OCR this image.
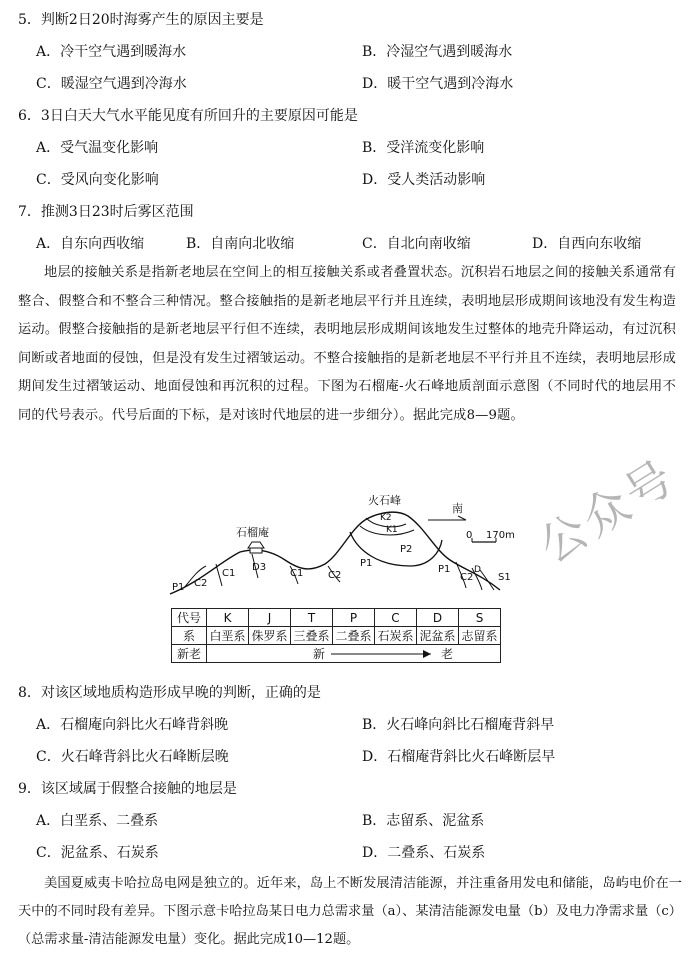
5．判断2日20时海雾产生的原因主要是
A．冷干空气遇到暖海水	B．冷湿空气遇到暖海水
C．暖湿空气遇到冷海水	D．暖干空气遇到冷海水
6．3日白天大气水平能见度有所回升的主要原因可能是
A．受气温变化影响	B．受洋流变化影响
C．受风向变化影响	D．受人类活动影响
7．推测3日23时后雾区范围
A．自东向西收缩	B．自南向北收缩	C．自北向南收缩	D．自西向东收缩
地层的接触关系是指新老地层在空间上的相互接触关系或者叠置状态。沉积岩石地层之间的接触关系通常有整合、假整合和不整合三种情况。整合接触指的是新老地层平行并且连续，表明地层形成期间该地没有发生构造运动。假整合接触指的是新老地层平行但不连续，表明地层形成期间该地发生过整体的地壳升降运动，有过沉积间断或者地面的侵蚀，但是没有发生过褶皱运动。不整合接触指的是新老地层不平行并且不连续，表明地层形成期间发生过褶皱运动、地面侵蚀和再沉积的过程。下图为石榴庵-火石峰地质剖面示意图（不同时代的地层用不同的代号表示。代号后面的下标，是对该时代地层的进一步细分）。据此完成8—9题。
火石峰
石榴庵
南
0 170m
P1 C2
C1
D3
C1 C2
P1
P2
K2
K1
P1
C2
D
S1
代号	K	J	T	P	C	D	S
系	白垩系	侏罗系	三叠系	二叠系	石炭系	泥盆系	志留系
新老	新 老						
公众号
8．对该区域地质构造形成早晚的判断，正确的是
A．石榴庵向斜比火石峰背斜晚	B．火石峰向斜比石榴庵背斜早
C．火石峰背斜比火石峰断层晚	D．石榴庵背斜比火石峰断层早
9．该区域属于假整合接触的地层是
A．白垩系、二叠系	B．志留系、泥盆系
C．泥盆系、石炭系	D．二叠系、石炭系
美国夏威夷卡哈拉岛电网是独立的。近年来，岛上不断发展清洁能源，并注重备用发电和储能，岛屿电价在一天中的不同时段有差异。下图示意卡哈拉岛某日电力总需求量（a）、某清洁能源发电量（b）及电力净需求量（c）（总需求量-清洁能源发电量）变化。据此完成10—12题。
